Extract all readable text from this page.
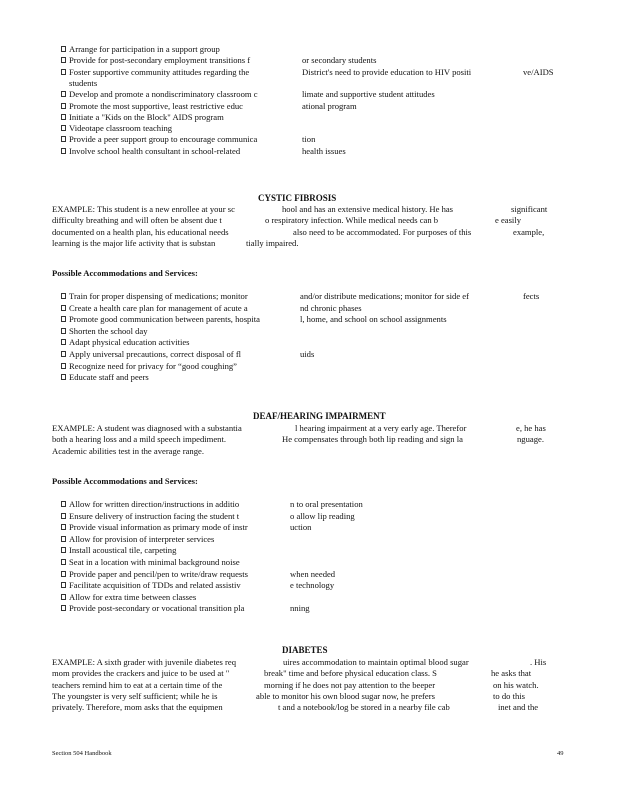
Arrange for participation in a support group
Provide for post-secondary employment transitions f	or secondary students
Foster supportive community attitudes regarding the	District's need to provide education to HIV positi	ve/AIDS
students
Develop and promote a nondiscriminatory classroom c	limate and supportive student attitudes
Promote the most supportive, least restrictive educ	ational program
Initiate a "Kids on the Block" AIDS program
Videotape classroom teaching
Provide a peer support group to encourage communica	tion
Involve school health consultant in school-related	health issues
CYSTIC FIBROSIS
EXAMPLE: This student is a new enrollee at your sc	hool and has an extensive medical history. He has	significant
difficulty breathing and will often be absent due t	o respiratory infection. While medical needs can b	e easily
documented on a health plan, his educational needs	also need to be accommodated. For purposes of this	example,
learning is the major life activity that is substan	tially impaired.
Possible Accommodations and Services:
Train for proper dispensing of medications; monitor	and/or distribute medications; monitor for side ef	fects
Create a health care plan for management of acute a	nd chronic phases
Promote good communication between parents, hospita	l, home, and school on school assignments
Shorten the school day
Adapt physical education activities
Apply universal precautions, correct disposal of fl	uids
Recognize need for privacy for “good coughing”
Educate staff and peers
DEAF/HEARING IMPAIRMENT
EXAMPLE: A student was diagnosed with a substantia	l hearing impairment at a very early age. Therefor	e, he has
both a hearing loss and a mild speech impediment.	He compensates through both lip reading and sign la	nguage.
Academic abilities test in the average range.
Possible Accommodations and Services:
Allow for written direction/instructions in additio	n to oral presentation
Ensure delivery of instruction facing the student t	o allow lip reading
Provide visual information as primary mode of instr	uction
Allow for provision of interpreter services
Install acoustical tile, carpeting
Seat in a location with minimal background noise
Provide paper and pencil/pen to write/draw requests	when needed
Facilitate acquisition of TDDs and related assistiv	e technology
Allow for extra time between classes
Provide post-secondary or vocational transition pla	nning
DIABETES
EXAMPLE: A sixth grader with juvenile diabetes req	uires accommodation to maintain optimal blood sugar	. His
mom provides the crackers and juice to be used at "	break" time and before physical education class. S	he asks that
teachers remind him to eat at a certain time of the	morning if he does not pay attention to the beeper	on his watch.
The youngster is very self sufficient; while he is	able to monitor his own blood sugar now, he prefers	to do this
privately. Therefore, mom asks that the equipmen	t and a notebook/log be stored in a nearby file cab	inet and the
Section 504 Handbook	49
